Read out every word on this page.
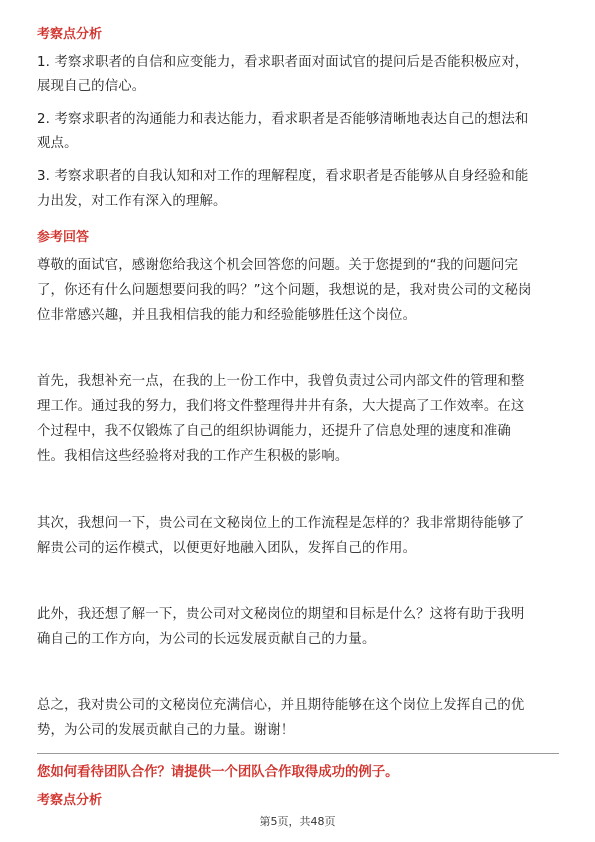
考察点分析
1. 考察求职者的自信和应变能力，看求职者面对面试官的提问后是否能积极应对，
展现自己的信心。
2. 考察求职者的沟通能力和表达能力，看求职者是否能够清晰地表达自己的想法和
观点。
3. 考察求职者的自我认知和对工作的理解程度，看求职者是否能够从自身经验和能
力出发，对工作有深入的理解。
参考回答
尊敬的面试官，感谢您给我这个机会回答您的问题。关于您提到的“我的问题问完
了，你还有什么问题想要问我的吗？”这个问题，我想说的是，我对贵公司的文秘岗
位非常感兴趣，并且我相信我的能力和经验能够胜任这个岗位。
首先，我想补充一点，在我的上一份工作中，我曾负责过公司内部文件的管理和整
理工作。通过我的努力，我们将文件整理得井井有条，大大提高了工作效率。在这
个过程中，我不仅锻炼了自己的组织协调能力，还提升了信息处理的速度和准确
性。我相信这些经验将对我的工作产生积极的影响。
其次，我想问一下，贵公司在文秘岗位上的工作流程是怎样的？我非常期待能够了
解贵公司的运作模式，以便更好地融入团队，发挥自己的作用。
此外，我还想了解一下，贵公司对文秘岗位的期望和目标是什么？这将有助于我明
确自己的工作方向，为公司的长远发展贡献自己的力量。
总之，我对贵公司的文秘岗位充满信心，并且期待能够在这个岗位上发挥自己的优
势，为公司的发展贡献自己的力量。谢谢！
您如何看待团队合作？请提供一个团队合作取得成功的例子。
考察点分析
第5页，共48页
